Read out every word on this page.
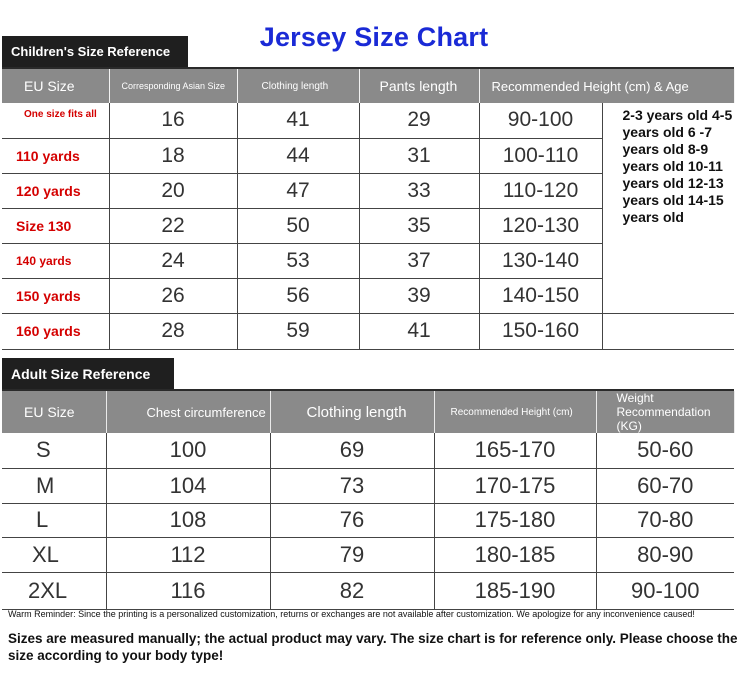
Jersey Size Chart
Children's Size Reference
EU Size	Corresponding Asian Size	Clothing length	Pants length	Recommended Height (cm) & Age	
One size fits all	16	41	29	90-100	2-3 years old 4-5 years old 6 -7 years old 8-9 years old 10-11 years old 12-13 years old 14-15 years old
110 yards	18	44	31	100-110	
120 yards	20	47	33	110-120	
Size 130	22	50	35	120-130	
140 yards	24	53	37	130-140	
150 yards	26	56	39	140-150	
160 yards	28	59	41	150-160	
Adult Size Reference
EU Size	Chest circumference	Clothing length	Recommended Height (cm)	Weight Recommendation (KG)
S	100	69	165-170	50-60
M	104	73	170-175	60-70
L	108	76	175-180	70-80
XL	112	79	180-185	80-90
2XL	116	82	185-190	90-100
Warm Reminder: Since the printing is a personalized customization, returns or exchanges are not available after customization. We apologize for any inconvenience caused!
Sizes are measured manually; the actual product may vary. The size chart is for reference only. Please choose the size according to your body type!
